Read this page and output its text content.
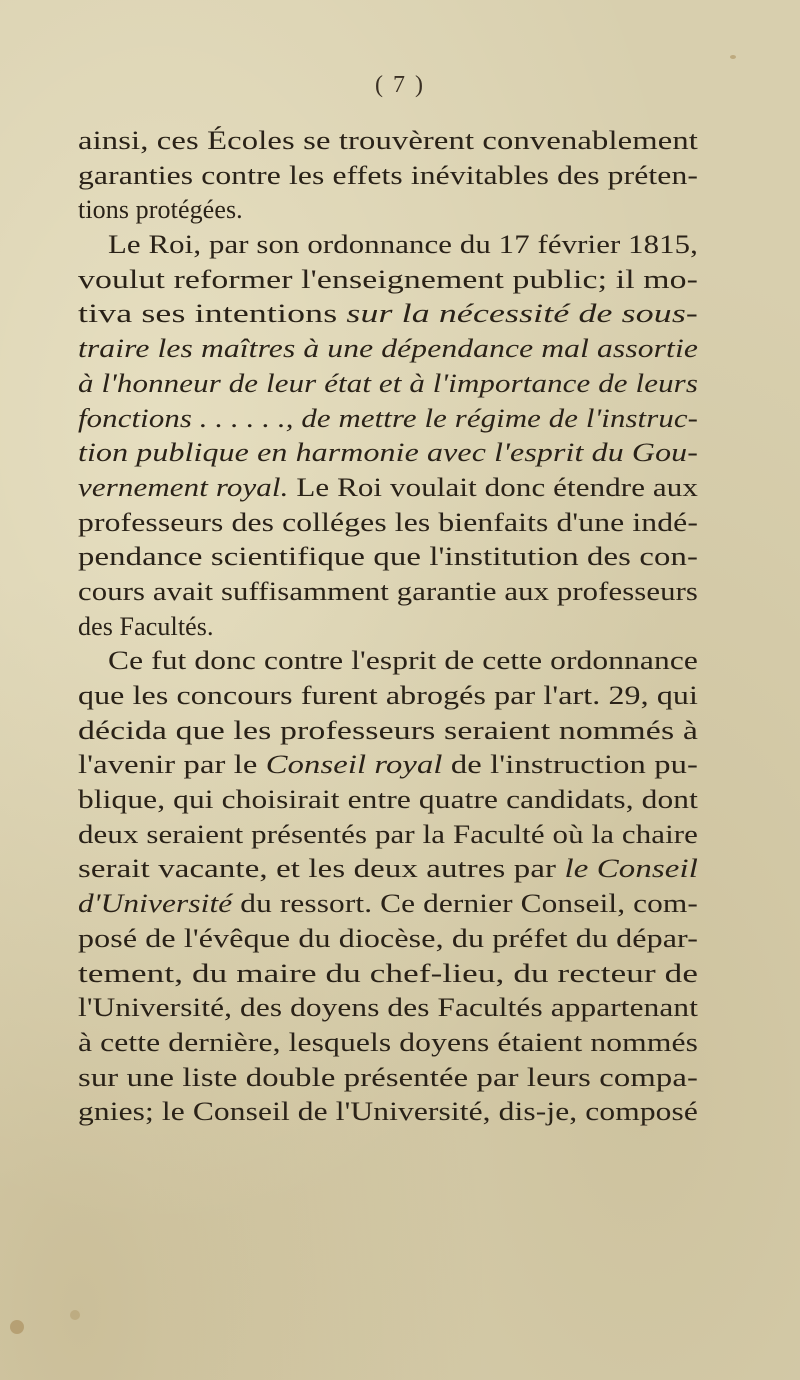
( 7 )
ainsi, ces Écoles se trouvèrent convenablement
garanties contre les effets inévitables des préten-
tions protégées.
Le Roi, par son ordonnance du 17 février 1815,
voulut reformer l'enseignement public; il mo-
tiva ses intentions sur la nécessité de sous-
traire les maîtres à une dépendance mal assortie
à l'honneur de leur état et à l'importance de leurs
fonctions . . . . . ., de mettre le régime de l'instruc-
tion publique en harmonie avec l'esprit du Gou-
vernement royal. Le Roi voulait donc étendre aux
professeurs des colléges les bienfaits d'une indé-
pendance scientifique que l'institution des con-
cours avait suffisamment garantie aux professeurs
des Facultés.
Ce fut donc contre l'esprit de cette ordonnance
que les concours furent abrogés par l'art. 29, qui
décida que les professeurs seraient nommés à
l'avenir par le Conseil royal de l'instruction pu-
blique, qui choisirait entre quatre candidats, dont
deux seraient présentés par la Faculté où la chaire
serait vacante, et les deux autres par le Conseil
d'Université du ressort. Ce dernier Conseil, com-
posé de l'évêque du diocèse, du préfet du dépar-
tement, du maire du chef-lieu, du recteur de
l'Université, des doyens des Facultés appartenant
à cette dernière, lesquels doyens étaient nommés
sur une liste double présentée par leurs compa-
gnies; le Conseil de l'Université, dis-je, composé
